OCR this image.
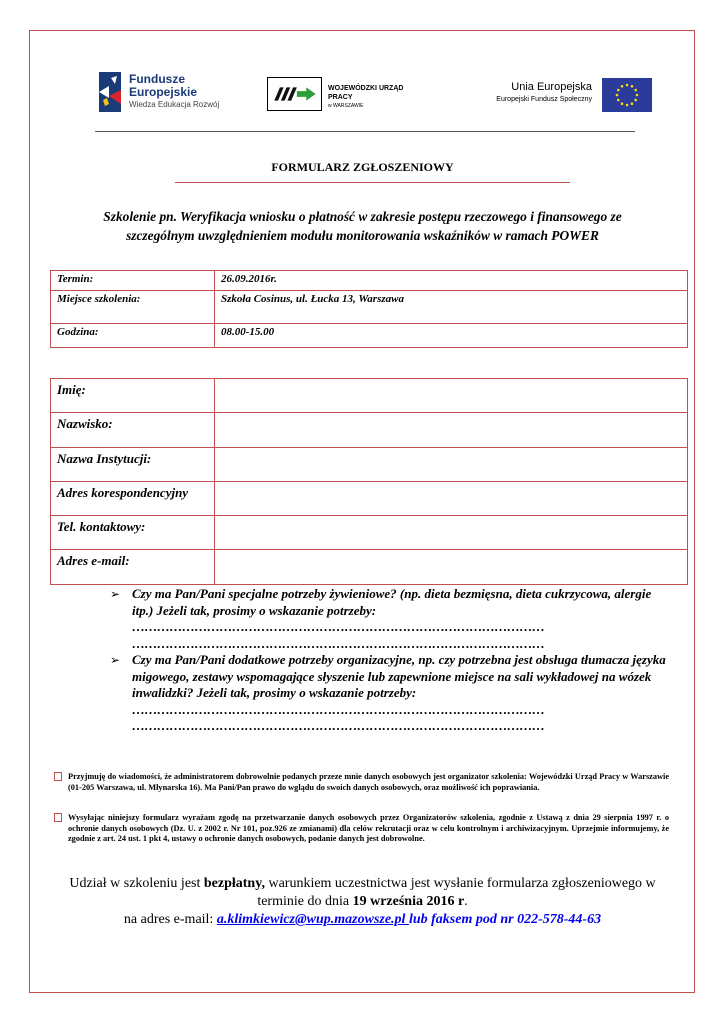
Fundusze
Europejskie
Wiedza Edukacja Rozwój
WOJEWÓDZKI URZĄD PRACY
w WARSZAWIE
Unia Europejska
Europejski Fundusz Społeczny
FORMULARZ ZGŁOSZENIOWY
Szkolenie pn. Weryfikacja wniosku o płatność w zakresie postępu rzeczowego i finansowego ze
szczególnym uwzględnieniem modułu monitorowania wskaźników w ramach POWER
Termin:	26.09.2016r.
Miejsce szkolenia:	Szkoła Cosinus, ul. Łucka 13, Warszawa
Godzina:	08.00-15.00
Imię:	
Nazwisko:	
Nazwa Instytucji:	
Adres korespondencyjny	
Tel. kontaktowy:	
Adres e-mail:	
➢ Czy ma Pan/Pani specjalne potrzeby żywieniowe? (np. dieta bezmięsna, dieta cukrzycowa, alergie itp.) Jeżeli tak, prosimy o wskazanie potrzeby:
………………………………………………………………………………………
………………………………………………………………………………………
➢ Czy ma Pan/Pani dodatkowe potrzeby organizacyjne, np. czy potrzebna jest obsługa tłumacza języka migowego, zestawy wspomagające słyszenie lub zapewnione miejsce na sali wykładowej na wózek inwalidzki? Jeżeli tak, prosimy o wskazanie potrzeby:
………………………………………………………………………………………
………………………………………………………………………………………
Przyjmuję do wiadomości, że administratorem dobrowolnie podanych przeze mnie danych osobowych jest organizator szkolenia: Wojewódzki Urząd Pracy w Warszawie (01-205 Warszawa, ul. Młynarska 16). Ma Pani/Pan prawo do wglądu do swoich danych osobowych, oraz możliwość ich poprawiania.
Wysyłając niniejszy formularz wyrażam zgodę na przetwarzanie danych osobowych przez Organizatorów szkolenia, zgodnie z Ustawą z dnia 29 sierpnia 1997 r. o ochronie danych osobowych (Dz. U. z 2002 r. Nr 101, poz.926 ze zmianami) dla celów rekrutacji oraz w celu kontrolnym i archiwizacyjnym. Uprzejmie informujemy, że zgodnie z art. 24 ust. 1 pkt 4, ustawy o ochronie danych osobowych, podanie danych jest dobrowolne.
Udział w szkoleniu jest bezpłatny, warunkiem uczestnictwa jest wysłanie formularza zgłoszeniowego w terminie do dnia 19 września 2016 r.
na adres e-mail: a.klimkiewicz@wup.mazowsze.pl lub faksem pod nr 022-578-44-63
